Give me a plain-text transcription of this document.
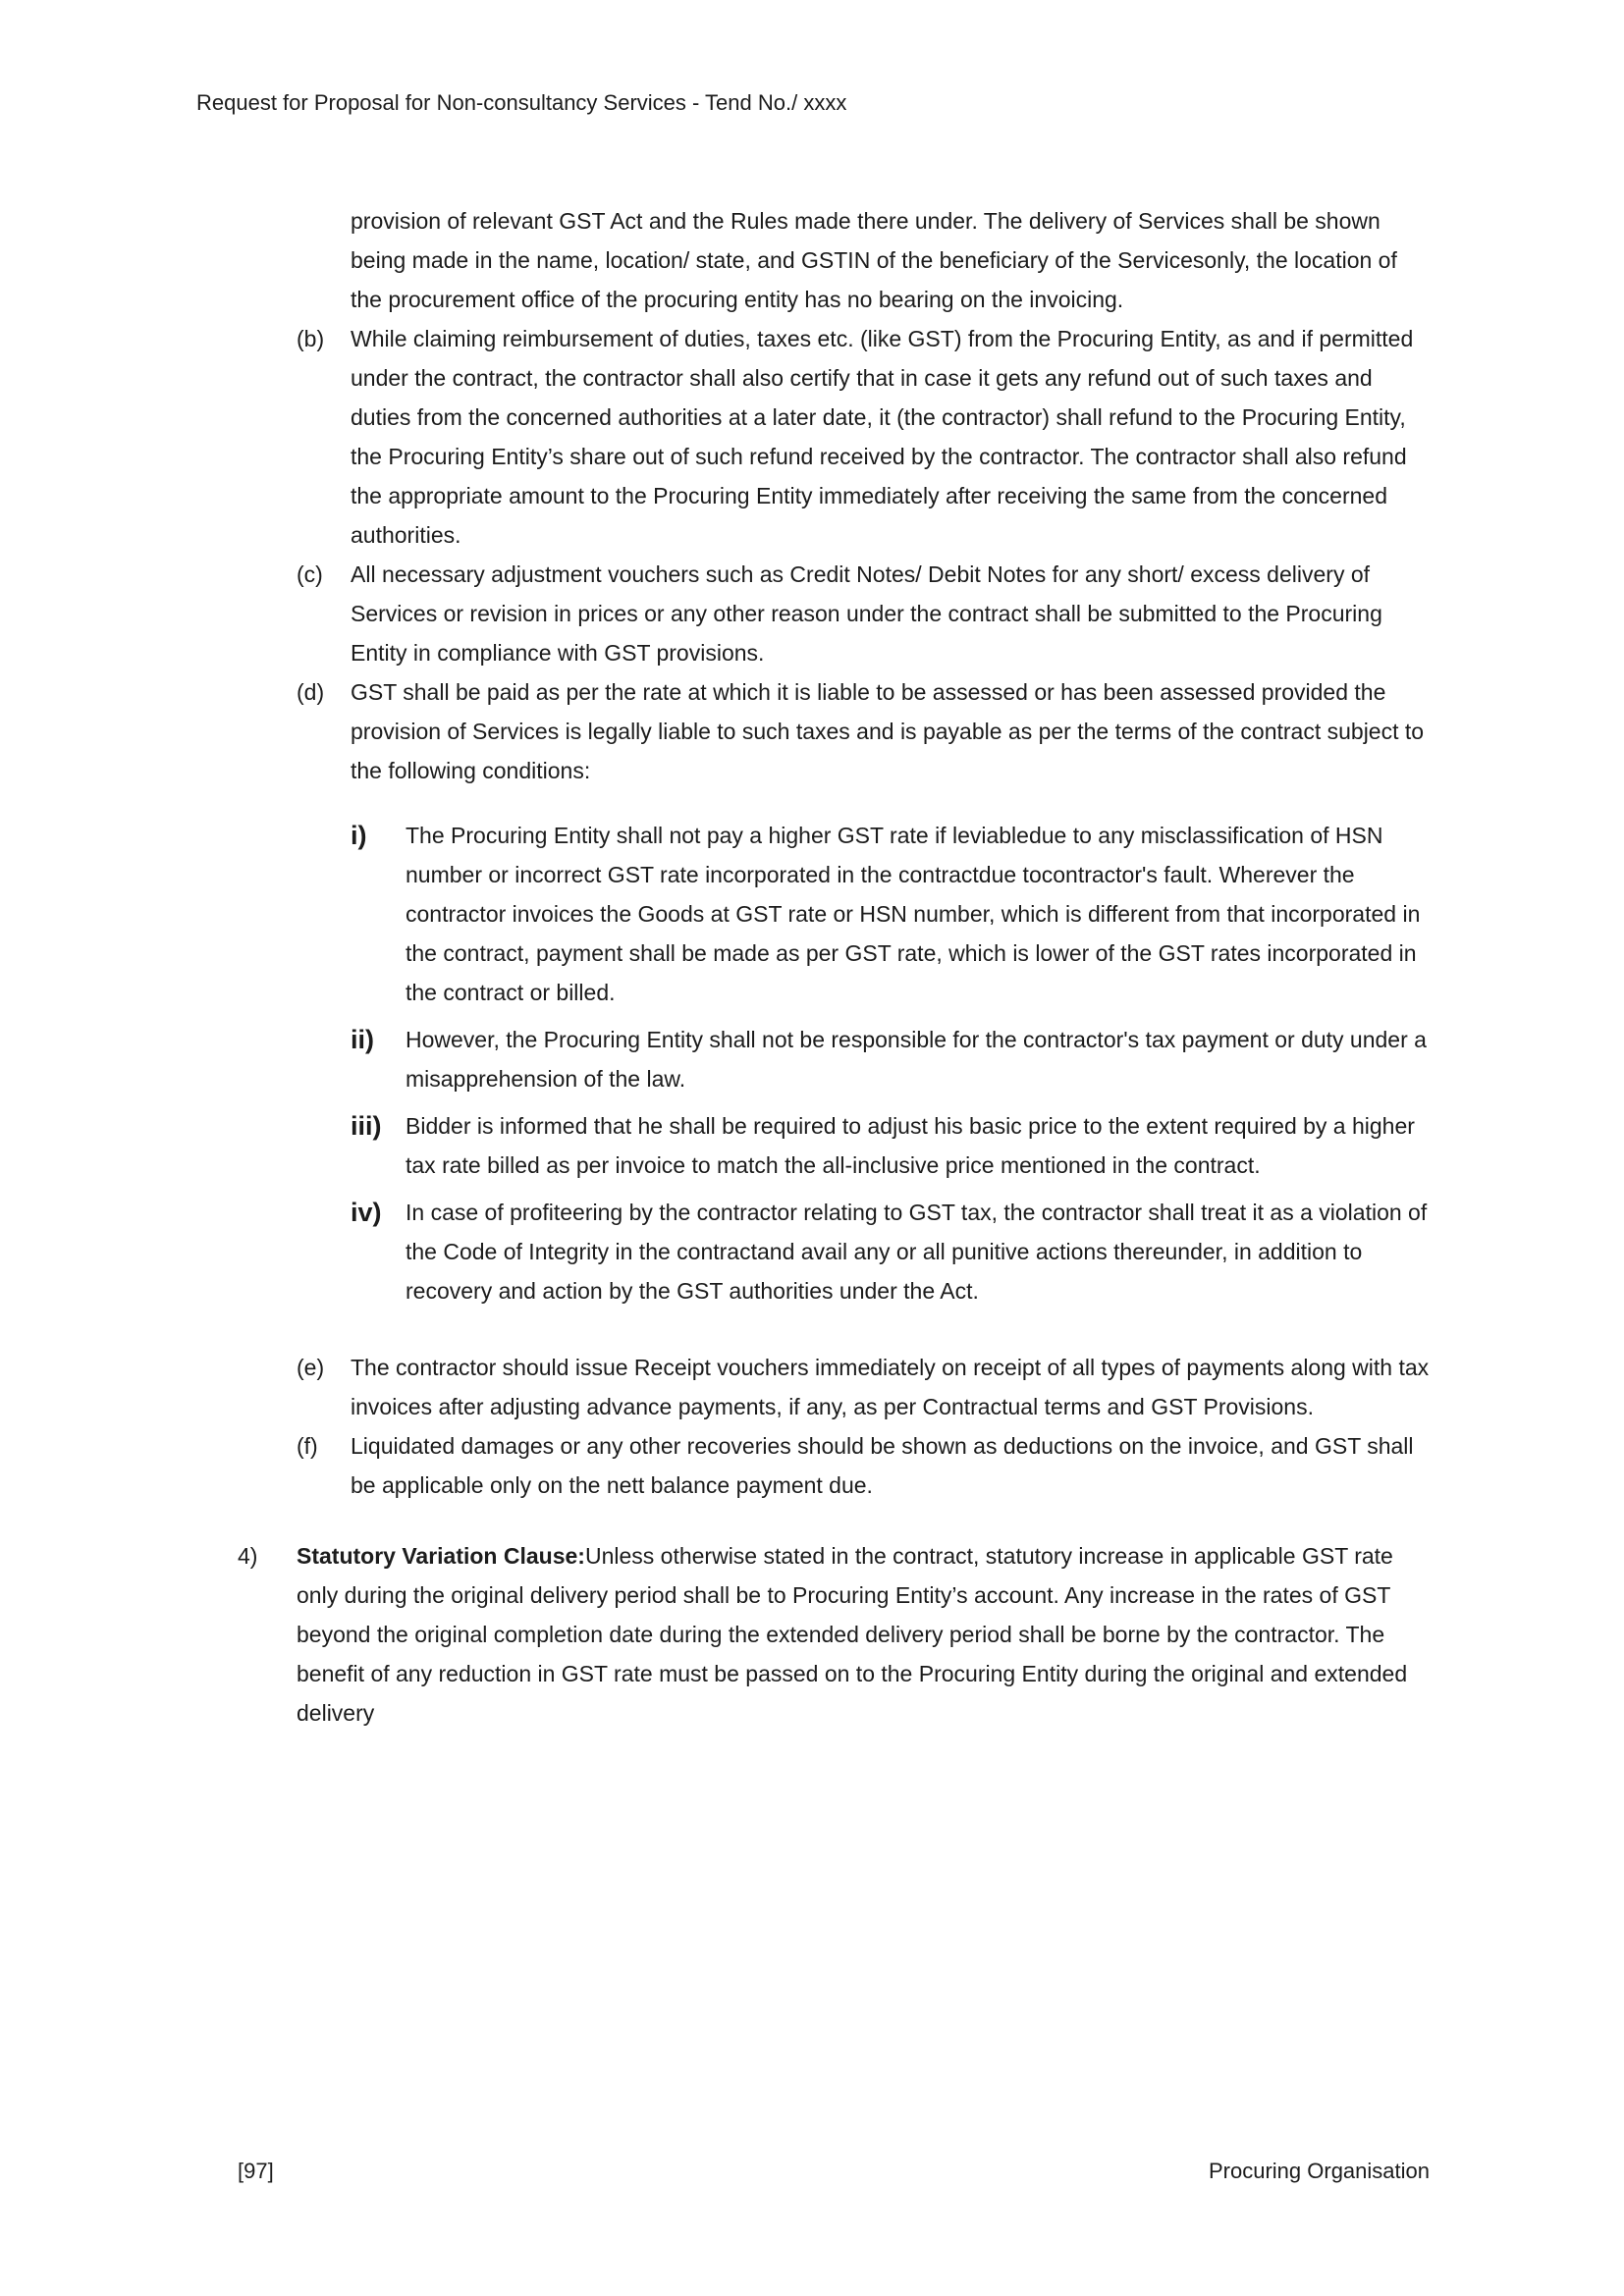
Request for Proposal for Non-consultancy Services - Tend No./ xxxx

provision of relevant GST Act and the Rules made there under. The delivery of Services shall be shown being made in the name, location/ state, and GSTIN of the beneficiary of the Servicesonly, the location of the procurement office of the procuring entity has no bearing on the invoicing.

(b)	While claiming reimbursement of duties, taxes etc. (like GST) from the Procuring Entity, as and if permitted under the contract, the contractor shall also certify that in case it gets any refund out of such taxes and duties from the concerned authorities at a later date, it (the contractor) shall refund to the Procuring Entity, the Procuring Entity’s share out of such refund received by the contractor. The contractor shall also refund the appropriate amount to the Procuring Entity immediately after receiving the same from the concerned authorities.
(c)	All necessary adjustment vouchers such as Credit Notes/ Debit Notes for any short/ excess delivery of Services or revision in prices or any other reason under the contract shall be submitted to the Procuring Entity in compliance with GST provisions.
(d)	GST shall be paid as per the rate at which it is liable to be assessed or has been assessed provided the provision of Services is legally liable to such taxes and is payable as per the terms of the contract subject to the following conditions:
i)	The Procuring Entity shall not pay a higher GST rate if leviabledue to any misclassification of HSN number or incorrect GST rate incorporated in the contractdue tocontractor's fault. Wherever the contractor invoices the Goods at GST rate or HSN number, which is different from that incorporated in the contract, payment shall be made as per GST rate, which is lower of the GST rates incorporated in the contract or billed.
ii)	However, the Procuring Entity shall not be responsible for the contractor's tax payment or duty under a misapprehension of the law.
iii)	Bidder is informed that he shall be required to adjust his basic price to the extent required by a higher tax rate billed as per invoice to match the all-inclusive price mentioned in the contract.
iv)	In case of profiteering by the contractor relating to GST tax, the contractor shall treat it as a violation of the Code of Integrity in the contractand avail any or all punitive actions thereunder, in addition to recovery and action by the GST authorities under the Act.
(e)	The contractor should issue Receipt vouchers immediately on receipt of all types of payments along with tax invoices after adjusting advance payments, if any, as per Contractual terms and GST Provisions.
(f)	Liquidated damages or any other recoveries should be shown as deductions on the invoice, and GST shall be applicable only on the nett balance payment due.
4)	Statutory Variation Clause:Unless otherwise stated in the contract, statutory increase in applicable GST rate only during the original delivery period shall be to Procuring Entity’s account. Any increase in the rates of GST beyond the original completion date during the extended delivery period shall be borne by the contractor. The benefit of any reduction in GST rate must be passed on to the Procuring Entity during the original and extended delivery
[97]	Procuring Organisation
